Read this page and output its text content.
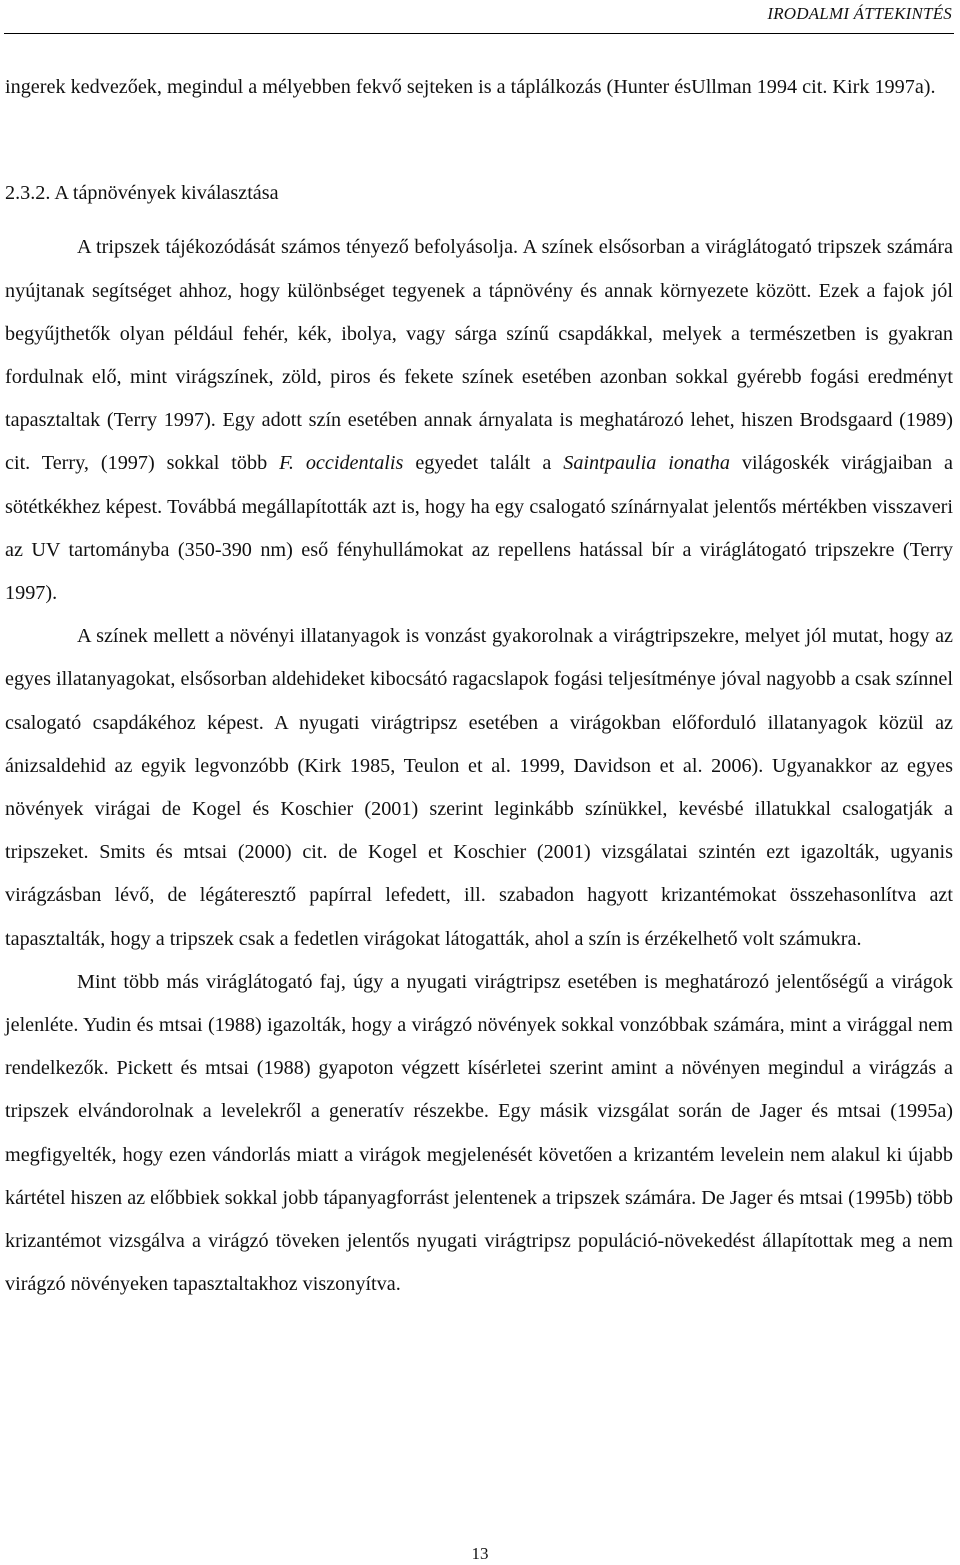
IRODALMI ÁTTEKINTÉS

ingerek kedvezőek, megindul a mélyebben fekvő sejteken is a táplálkozás (Hunter ésUllman 1994 cit. Kirk 1997a).

2.3.2. A tápnövények kiválasztása

A tripszek tájékozódását számos tényező befolyásolja. A színek elsősorban a viráglátogató tripszek számára nyújtanak segítséget ahhoz, hogy különbséget tegyenek a tápnövény és annak környezete között. Ezek a fajok jól begyűjthetők olyan például fehér, kék, ibolya, vagy sárga színű csapdákkal, melyek a természetben is gyakran fordulnak elő, mint virágszínek, zöld, piros és fekete színek esetében azonban sokkal gyérebb fogási eredményt tapasztaltak (Terry 1997). Egy adott szín esetében annak árnyalata is meghatározó lehet, hiszen Brodsgaard (1989) cit. Terry, (1997) sokkal több F. occidentalis egyedet talált a Saintpaulia ionatha világoskék virágjaiban a sötétkékhez képest. Továbbá megállapították azt is, hogy ha egy csalogató színárnyalat jelentős mértékben visszaveri az UV tartományba (350-390 nm) eső fényhullámokat az repellens hatással bír a viráglátogató tripszekre (Terry 1997).

A színek mellett a növényi illatanyagok is vonzást gyakorolnak a virágtripszekre, melyet jól mutat, hogy az egyes illatanyagokat, elsősorban aldehideket kibocsátó ragacslapok fogási teljesítménye jóval nagyobb a csak színnel csalogató csapdákéhoz képest. A nyugati virágtripsz esetében a virágokban előforduló illatanyagok közül az ánizsaldehid az egyik legvonzóbb (Kirk 1985, Teulon et al. 1999, Davidson et al. 2006). Ugyanakkor az egyes növények virágai de Kogel és Koschier (2001) szerint leginkább színükkel, kevésbé illatukkal csalogatják a tripszeket. Smits és mtsai (2000) cit. de Kogel et Koschier (2001) vizsgálatai szintén ezt igazolták, ugyanis virágzásban lévő, de légáteresztő papírral lefedett, ill. szabadon hagyott krizantémokat összehasonlítva azt tapasztalták, hogy a tripszek csak a fedetlen virágokat látogatták, ahol a szín is érzékelhető volt számukra.

Mint több más viráglátogató faj, úgy a nyugati virágtripsz esetében is meghatározó jelentőségű a virágok jelenléte. Yudin és mtsai (1988) igazolták, hogy a virágzó növények sokkal vonzóbbak számára, mint a virággal nem rendelkezők. Pickett és mtsai (1988) gyapoton végzett kísérletei szerint amint a növényen megindul a virágzás a tripszek elvándorolnak a levelekről a generatív részekbe. Egy másik vizsgálat során de Jager és mtsai (1995a) megfigyelték, hogy ezen vándorlás miatt a virágok megjelenését követően a krizantém levelein nem alakul ki újabb kártétel hiszen az előbbiek sokkal jobb tápanyagforrást jelentenek a tripszek számára. De Jager és mtsai (1995b) több krizantémot vizsgálva a virágzó töveken jelentős nyugati virágtripsz populáció-növekedést állapítottak meg a nem virágzó növényeken tapasztaltakhoz viszonyítva.

13
